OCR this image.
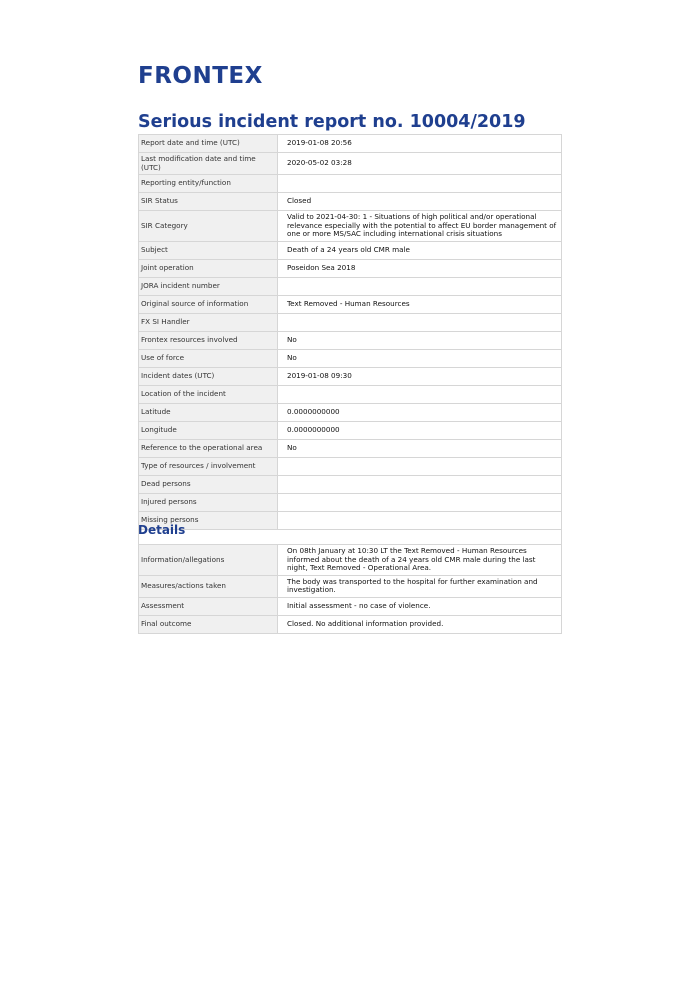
FRONTEX
Serious incident report no. 10004/2019
Report date and time (UTC)	2019-01-08 20:56
Last modification date and time (UTC)	2020-05-02 03:28
Reporting entity/function	
SIR Status	Closed
SIR Category	Valid to 2021-04-30: 1 - Situations of high political and/or operational relevance especially with the potential to affect EU border management of one or more MS/SAC including international crisis situations
Subject	Death of a 24 years old CMR male
Joint operation	Poseidon Sea 2018
JORA incident number	
Original source of information	Text Removed - Human Resources
FX SI Handler	
Frontex resources involved	No
Use of force	No
Incident dates (UTC)	2019-01-08 09:30
Location of the incident	
Latitude	0.0000000000
Longitude	0.0000000000
Reference to the operational area	No
Type of resources / involvement	
Dead persons	
Injured persons	
Missing persons	
Details
Information/allegations	On 08th January at 10:30 LT the Text Removed - Human Resources informed about the death of a 24 years old CMR male during the last night, Text Removed - Operational Area.
Measures/actions taken	The body was transported to the hospital for further examination and investigation.
Assessment	Initial assessment - no case of violence.
Final outcome	Closed. No additional information provided.
